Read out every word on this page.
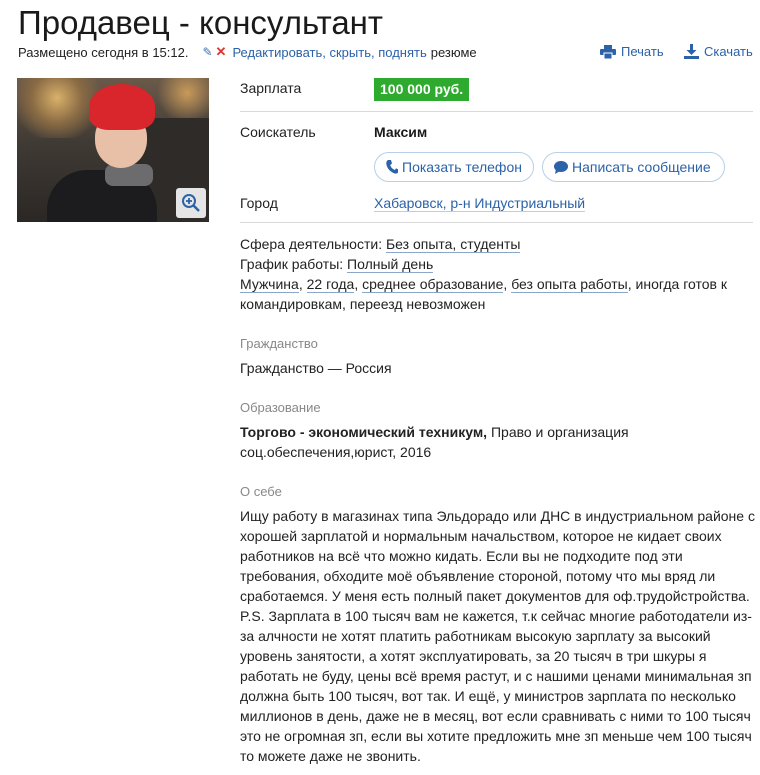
Продавец - консультант
Размещено сегодня в 15:12. ✎ ✕ Редактировать , скрыть , поднять резюме	Печать	Скачать
Зарплата	100 000 руб.
Соискатель	Максим
Показать телефон	Написать сообщение
Город	Хабаровск, р-н Индустриальный
Сфера деятельности: Без опыта, студенты
График работы: Полный день
Мужчина, 22 года, среднее образование, без опыта работы, иногда готов к командировкам, переезд невозможен
Гражданство
Гражданство — Россия
Образование
Торгово - экономический техникум, Право и организация соц.обеспечения,юрист, 2016
О себе
Ищу работу в магазинах типа Эльдорадо или ДНС в индустриальном районе с хорошей зарплатой и нормальным начальством, которое не кидает своих работников на всё что можно кидать. Если вы не подходите под эти требования, обходите моё объявление стороной, потому что мы вряд ли сработаемся. У меня есть полный пакет документов для оф.трудойстройства. P.S. Зарплата в 100 тысяч вам не кажется, т.к сейчас многие работодатели из-за алчности не хотят платить работникам высокую зарплату за высокий уровень занятости, а хотят эксплуатировать, за 20 тысяч в три шкуры я работать не буду, цены всё время растут, и с нашими ценами минимальная зп должна быть 100 тысяч, вот так. И ещё, у министров зарплата по несколько миллионов в день, даже не в месяц, вот если сравнивать с ними то 100 тысяч это не огромная зп, если вы хотите предложить мне зп меньше чем 100 тысяч то можете даже не звонить.
